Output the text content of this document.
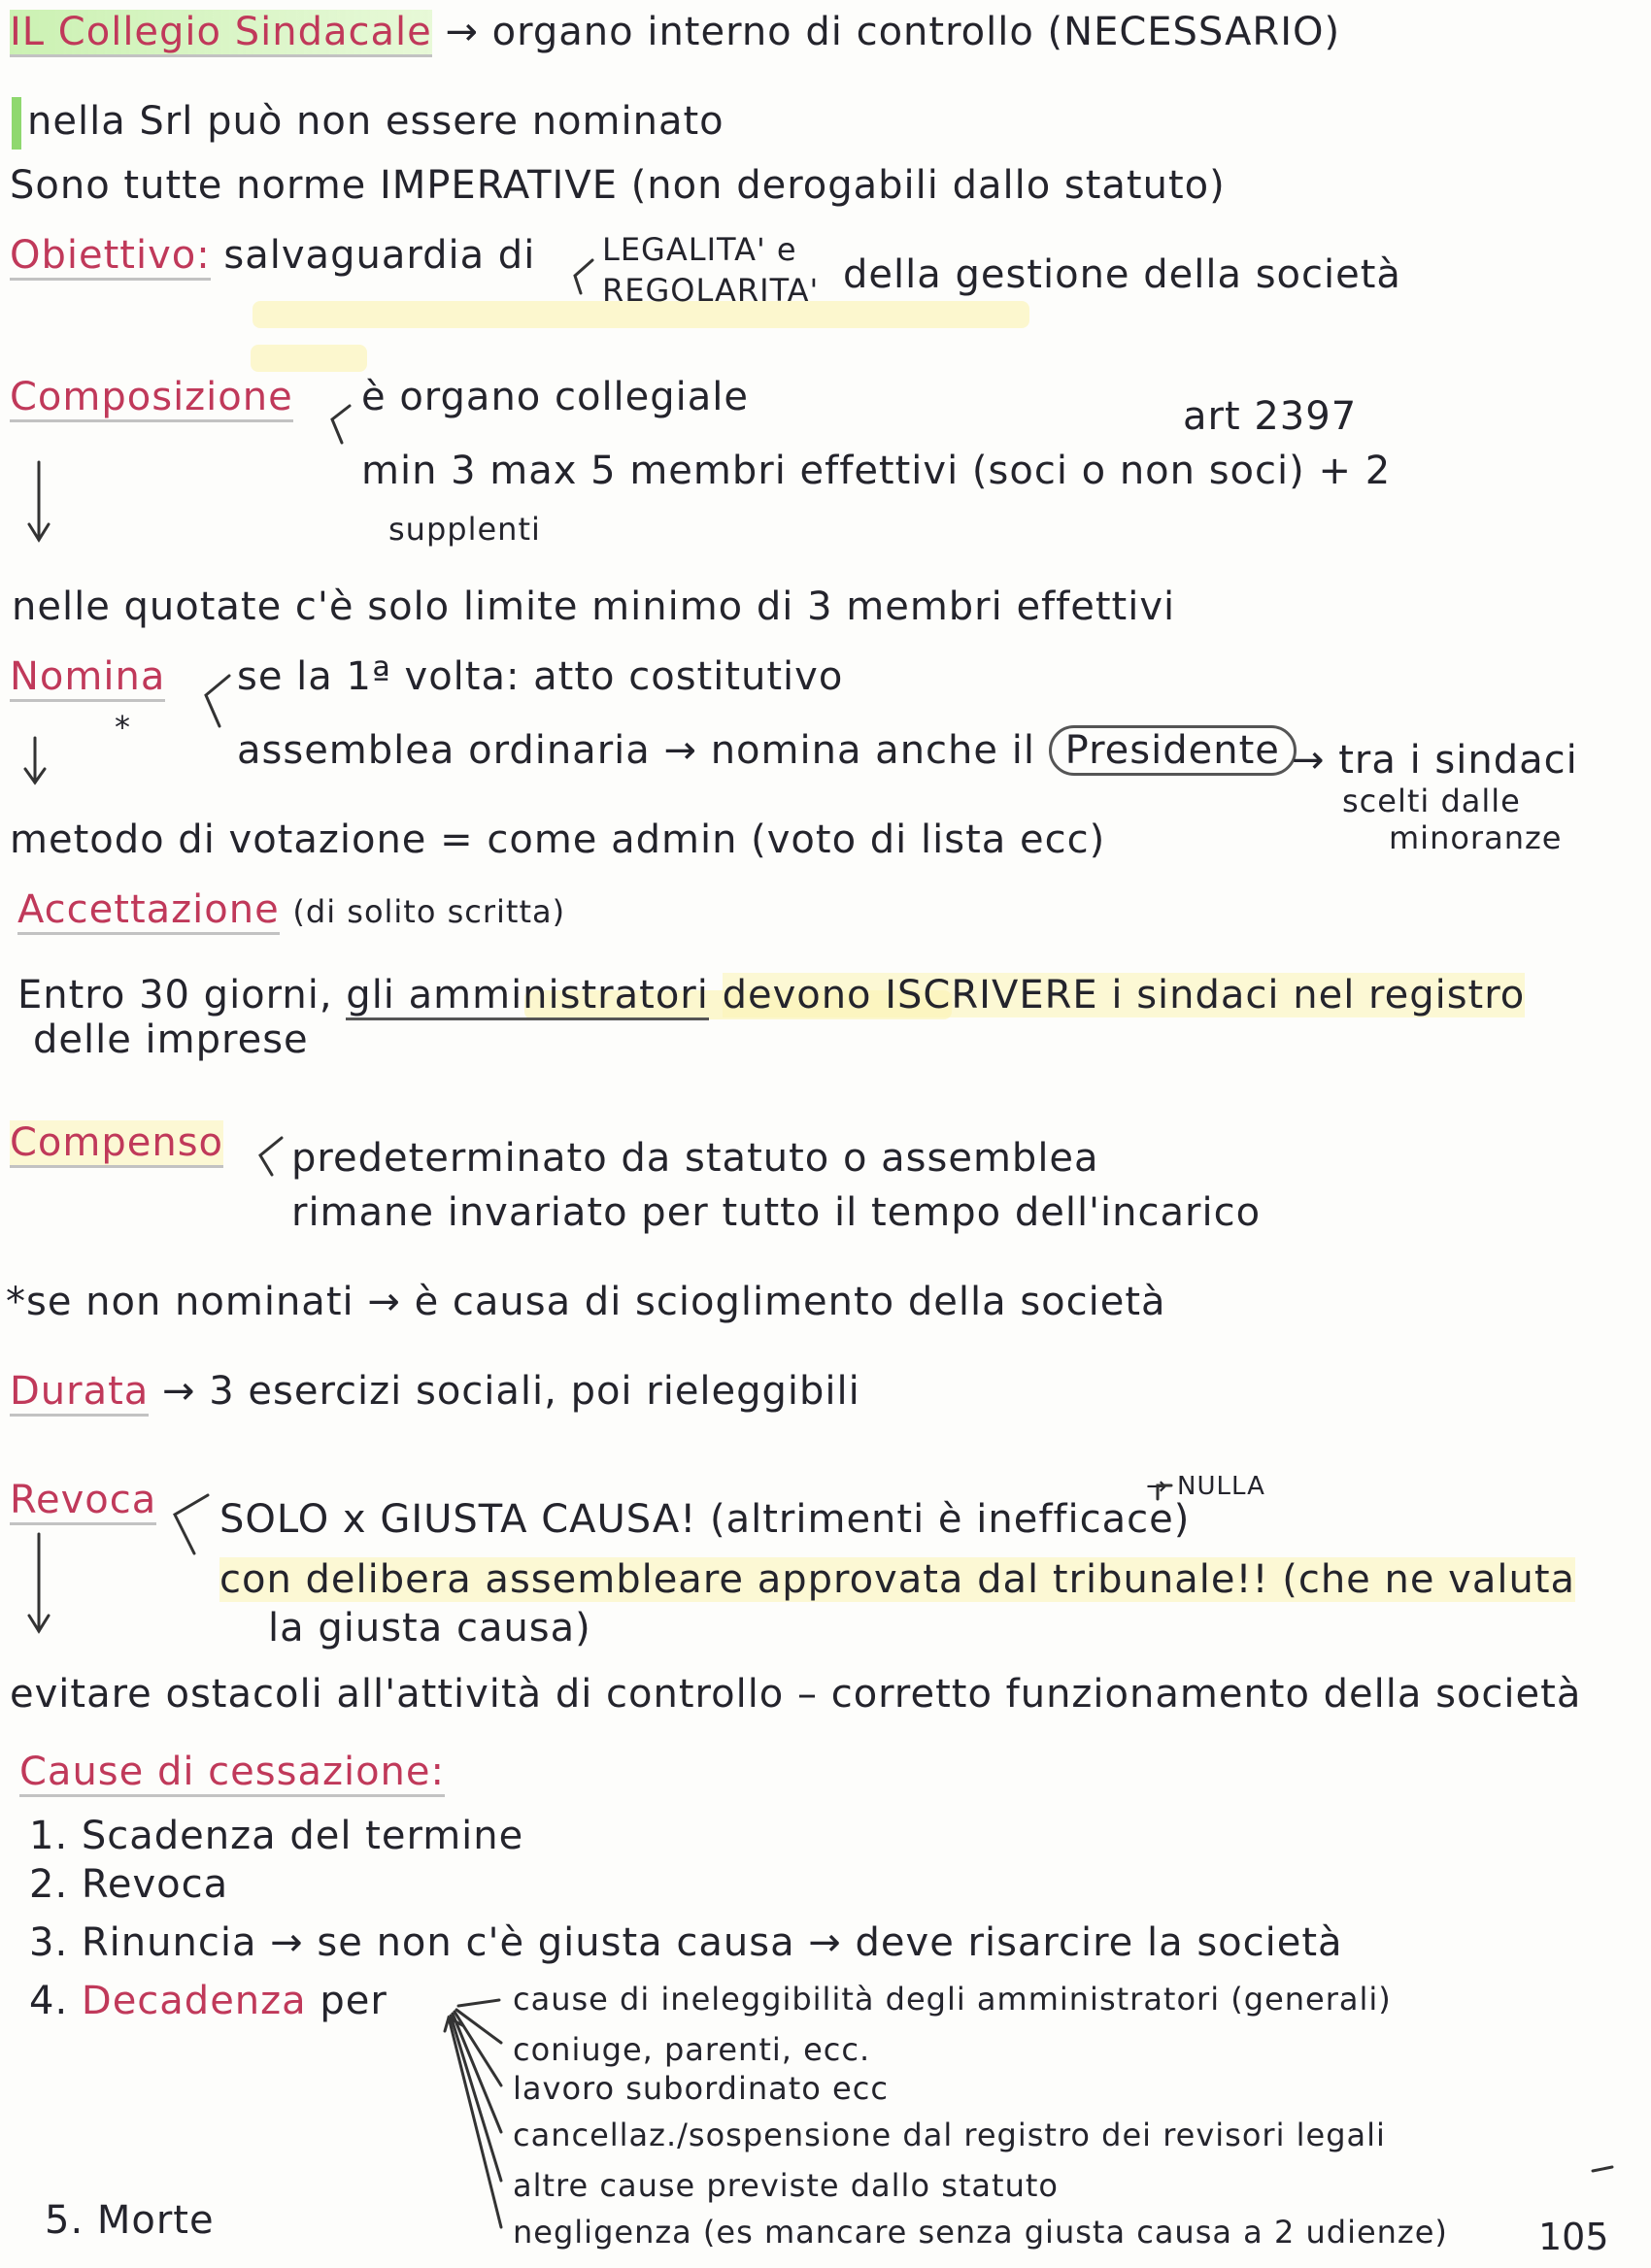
IL Collegio Sindacale → organo interno di controllo (NECESSARIO)
nella Srl può non essere nominato
Sono tutte norme IMPERATIVE (non derogabili dallo statuto)
Obiettivo: salvaguardia di LEGALITA' e
REGOLARITA' della gestione della società
Composizione è organo collegiale	art 2397
min 3 max 5 membri effettivi (soci o non soci) + 2
supplenti
nelle quotate c'è solo limite minimo di 3 membri effettivi
Nomina
*
se la 1ª volta: atto costitutivo
assemblea ordinaria → nomina anche il Presidente → tra i sindaci
scelti dalle
minoranze
metodo di votazione = come admin (voto di lista ecc)
Accettazione (di solito scritta)
Entro 30 giorni, gli amministratori devono ISCRIVERE i sindaci nel registro
delle imprese
Compenso predeterminato da statuto o assemblea
rimane invariato per tutto il tempo dell'incarico
*se non nominati → è causa di scioglimento della società
Durata → 3 esercizi sociali, poi rieleggibili
Revoca	→ NULLA
SOLO x GIUSTA CAUSA! (altrimenti è inefficace)
con delibera assembleare approvata dal tribunale!! (che ne valuta
la giusta causa)
evitare ostacoli all'attività di controllo – corretto funzionamento della società
Cause di cessazione:
1. Scadenza del termine
2. Revoca
3. Rinuncia → se non c'è giusta causa → deve risarcire la società
4. Decadenza per	cause di ineleggibilità degli amministratori (generali)
coniuge, parenti, ecc.
lavoro subordinato ecc
cancellaz./sospensione dal registro dei revisori legali
altre cause previste dallo statuto
negligenza (es mancare senza giusta causa a 2 udienze)
5. Morte	105
